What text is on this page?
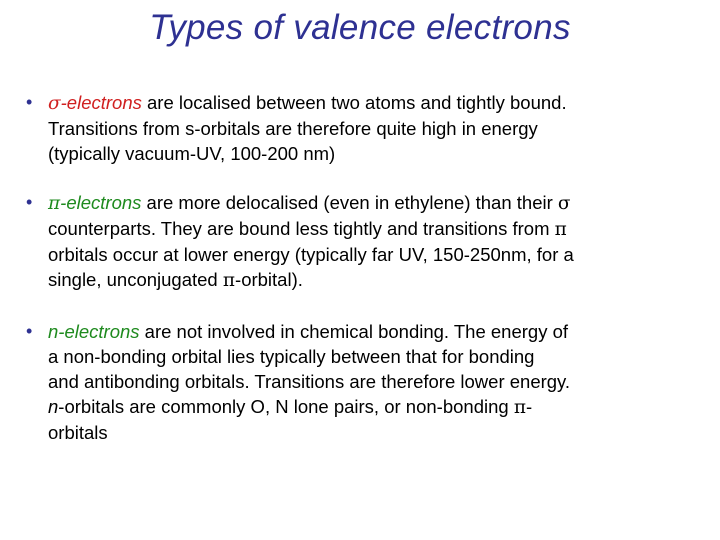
Types of valence electrons
• σ-electrons are localised between two atoms and tightly bound.
Transitions from s-orbitals are therefore quite high in energy
(typically vacuum-UV, 100-200 nm)
• π-electrons are more delocalised (even in ethylene) than their σ
counterparts. They are bound less tightly and transitions from π
orbitals occur at lower energy (typically far UV, 150-250nm, for a
single, unconjugated π-orbital).
• n-electrons are not involved in chemical bonding. The energy of
a non-bonding orbital lies typically between that for bonding
and antibonding orbitals. Transitions are therefore lower energy.
n-orbitals are commonly O, N lone pairs, or non-bonding π-
orbitals
